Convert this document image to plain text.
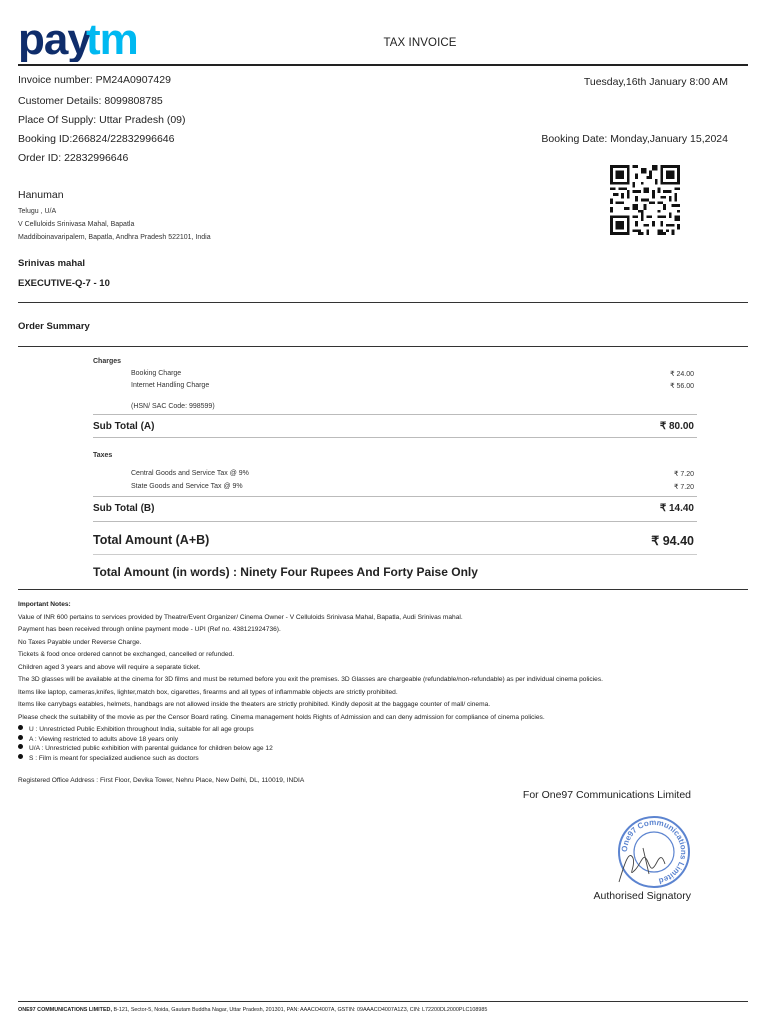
pay
tm	TAX INVOICE
Invoice number: PM24A0907429
Customer Details: 8099808785
Place Of Supply: Uttar Pradesh (09)
Booking ID:266824/22832996646
Order ID: 22832996646
Tuesday,16th January 8:00 AM
Booking Date: Monday,January 15,2024
Hanuman
Telugu , U/A
V Celluloids Srinivasa Mahal, Bapatla
Maddiboinavaripalem, Bapatla, Andhra Pradesh 522101, India
Srinivas mahal
EXECUTIVE-Q-7 - 10
Order Summary
Charges
Booking Charge	₹ 24.00
Internet Handling Charge	₹ 56.00
(HSN/ SAC Code: 998599)
Sub Total (A)	₹ 80.00
Taxes
Central Goods and Service Tax @ 9%	₹ 7.20
State Goods and Service Tax @ 9%	₹ 7.20
Sub Total (B)	₹ 14.40
Total Amount (A+B)	₹ 94.40
Total Amount (in words) : Ninety Four Rupees And Forty Paise Only
Important Notes:
Value of INR 600 pertains to services provided by Theatre/Event Organizer/ Cinema Owner - V Celluloids Srinivasa Mahal, Bapatla, Audi Srinivas mahal.
Payment has been received through online payment mode - UPI (Ref no. 438121924736).
No Taxes Payable under Reverse Charge.
Tickets & food once ordered cannot be exchanged, cancelled or refunded.
Children aged 3 years and above will require a separate ticket.
The 3D glasses will be available at the cinema for 3D films and must be returned before you exit the premises. 3D Glasses are chargeable (refundable/non-refundable) as per individual cinema policies.
Items like laptop, cameras,knifes, lighter,match box, cigarettes, firearms and all types of inflammable objects are strictly prohibited.
Items like carrybags eatables, helmets, handbags are not allowed inside the theaters are strictly prohibited. Kindly deposit at the baggage counter of mall/ cinema.
Please check the suitability of the movie as per the Censor Board rating. Cinema management holds Rights of Admission and can deny admission for compliance of cinema policies.
U : Unrestricted Public Exhibition throughout India, suitable for all age groups
A : Viewing restricted to adults above 18 years only
U/A : Unrestricted public exhibition with parental guidance for children below age 12
S : Film is meant for specialized audience such as doctors
Registered Office Address : First Floor, Devika Tower, Nehru Place, New Delhi, DL, 110019, INDIA
For One97 Communications Limited
One97 Communications Limited
Authorised Signatory
ONE97 COMMUNICATIONS LIMITED, B-121, Sector-5, Noida, Gautam Buddha Nagar, Uttar Pradesh, 201301, PAN: AAACO4007A, GSTIN: 09AAACO4007A1Z3, CIN: L72200DL2000PLC108985
